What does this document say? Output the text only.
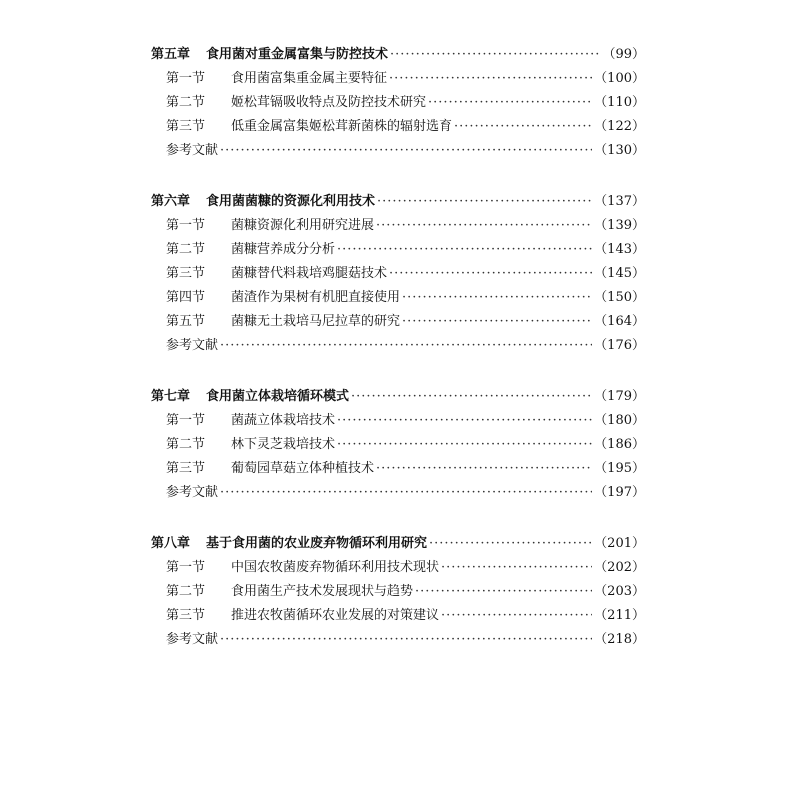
第五章	食用菌对重金属富集与防控技术 ·····	（99）
第一节	食用菌富集重金属主要特征 ·····	（100）
第二节	姬松茸镉吸收特点及防控技术研究 ·····	（110）
第三节	低重金属富集姬松茸新菌株的辐射选育 ·····	（122）
参考文献 ·····	（130）
第六章	食用菌菌糠的资源化利用技术 ·····	（137）
第一节	菌糠资源化利用研究进展 ·····	（139）
第二节	菌糠营养成分分析 ·····	（143）
第三节	菌糠替代料栽培鸡腿菇技术 ·····	（145）
第四节	菌渣作为果树有机肥直接使用 ·····	（150）
第五节	菌糠无土栽培马尼拉草的研究 ·····	（164）
参考文献 ·····	（176）
第七章	食用菌立体栽培循环模式 ·····	（179）
第一节	菌蔬立体栽培技术 ·····	（180）
第二节	林下灵芝栽培技术 ·····	（186）
第三节	葡萄园草菇立体种植技术 ·····	（195）
参考文献 ·····	（197）
第八章	基于食用菌的农业废弃物循环利用研究 ·····	（201）
第一节	中国农牧菌废弃物循环利用技术现状 ·····	（202）
第二节	食用菌生产技术发展现状与趋势 ·····	（203）
第三节	推进农牧菌循环农业发展的对策建议 ·····	（211）
参考文献 ·····	（218）
